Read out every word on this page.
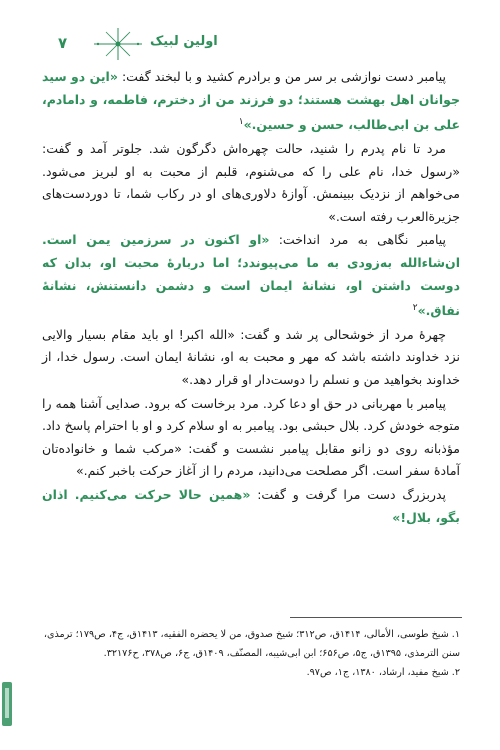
۷	اولین لبیک

پیامبر دست نوازشی بر سر من و برادرم کشید و با لبخند گفت: «این دو سید جوانان اهل بهشت هستند؛ دو فرزند من از دخترم، فاطمه، و دامادم، علی بن ابی‌طالب، حسن و حسین.»$^۱$

مرد تا نام پدرم را شنید، حالت چهره‌اش دگرگون شد. جلوتر آمد و گفت: «رسول خدا، نام علی را که می‌شنوم، قلبم از محبت به او لبریز می‌شود. می‌خواهم از نزدیک ببینمش. آوازهٔ دلاوری‌های او در رکاب شما، تا دوردست‌های جزیرةالعرب رفته است.»

پیامبر نگاهی به مرد انداخت: «او اکنون در سرزمین یمن است. ان‌شاءالله به‌زودی به ما می‌پیوندد؛ اما دربارهٔ محبت او، بدان که دوست داشتن او، نشانهٔ ایمان است و دشمن دانستنش، نشانهٔ نفاق.»$^۲$

چهرهٔ مرد از خوشحالی پر شد و گفت: «الله اکبر! او باید مقام بسیار والایی نزد خداوند داشته باشد که مهر و محبت به او، نشانهٔ ایمان است. رسول خدا، از خداوند بخواهید من و نسلم را دوست‌دار او قرار دهد.»

پیامبر با مهربانی در حق او دعا کرد. مرد برخاست که برود. صدایی آشنا همه را متوجه خودش کرد. بلال حبشی بود. پیامبر به او سلام کرد و او با احترام پاسخ داد. مؤذبانه روی دو زانو مقابل پیامبر نشست و گفت: «مرکب شما و خانواده‌تان آمادهٔ سفر است. اگر مصلحت می‌دانید، مردم را از آغاز حرکت باخبر کنم.»

پدربزرگ دست مرا گرفت و گفت: «همین حالا حرکت می‌کنیم. اذان بگو، بلال!»

۱. شیخ طوسی، الأمالی، ۱۴۱۴ق، ص۳۱۲؛ شیخ صدوق، من لا یحضره الفقیه، ۱۴۱۳ق، ج۴، ص۱۷۹؛ ترمذی، سنن الترمذی، ۱۳۹۵ق، ج۵، ص۶۵۶؛ ابن ابی‌شیبه، المصنّف، ۱۴۰۹ق، ج۶، ص۳۷۸، ح۳۲۱۷۶.

۲. شیخ مفید، ارشاد، ۱۳۸۰، ج۱، ص۹۷.
